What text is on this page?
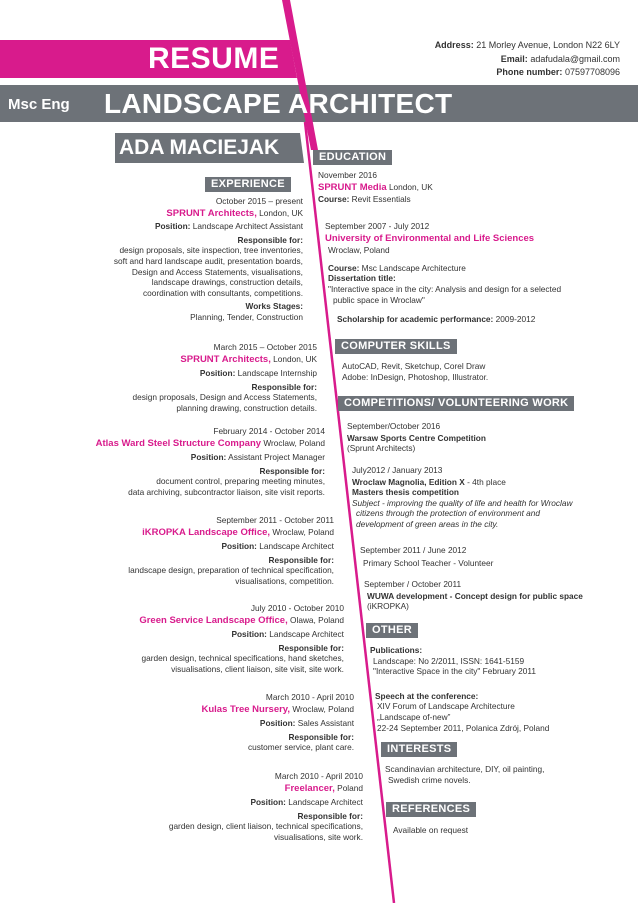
RESUME
Msc Eng LANDSCAPE ARCHITECT
ADA MACIEJAK
Address: 21 Morley Avenue, London N22 6LY
Email: adafudala@gmail.com
Phone number: 07597708096
EXPERIENCE
EDUCATION
COMPUTER SKILLS
COMPETITIONS/ VOLUNTEERING WORK
OTHER
INTERESTS
REFERENCES
October 2015 – present
SPRUNT Architects, London, UK
Position: Landscape Architect Assistant
Responsible for:
design proposals, site inspection, tree inventories,
soft and hard landscape audit, presentation boards,
Design and Access Statements, visualisations,
landscape drawings, construction details,
coordination with consultants, competitions.
Works Stages:
Planning, Tender, Construction
March 2015 – October 2015
SPRUNT Architects, London, UK
Position: Landscape Internship
Responsible for:
design proposals, Design and Access Statements,
planning drawing, construction details.
February 2014 - October 2014
Atlas Ward Steel Structure Company Wroclaw, Poland
Position: Assistant Project Manager
Responsible for:
document control, preparing meeting minutes,
data archiving, subcontractor liaison, site visit reports.
September 2011 - October 2011
iKROPKA Landscape Office, Wroclaw, Poland
Position: Landscape Architect
Responsible for:
landscape design, preparation of technical specification,
visualisations, competition.
July 2010 - October 2010
Green Service Landscape Office, Olawa, Poland
Position: Landscape Architect
Responsible for:
garden design, technical specifications, hand sketches,
visualisations, client liaison, site visit, site work.
March 2010 - April 2010
Kulas Tree Nursery, Wroclaw, Poland
Position: Sales Assistant
Responsible for:
customer service, plant care.
March 2010 - April 2010
Freelancer, Poland
Position: Landscape Architect
Responsible for:
garden design, client liaison, technical specifications,
visualisations, site work.
November 2016
SPRUNT Media London, UK
Course: Revit Essentials
September 2007 - July 2012
University of Environmental and Life Sciences
Wroclaw, Poland
Course: Msc Landscape Architecture
Dissertation title:
"Interactive space in the city: Analysis and design for a selected
public space in Wroclaw"
Scholarship for academic performance: 2009-2012
AutoCAD, Revit, Sketchup, Corel Draw
Adobe: InDesign, Photoshop, Illustrator.
September/October 2016
Warsaw Sports Centre Competition
(Sprunt Architects)
July2012 / January 2013
Wroclaw Magnolia, Edition X - 4th place
Masters thesis competition
Subject - improving the quality of life and health for Wroclaw
citizens through the protection of environment and
development of green areas in the city.
September 2011 / June 2012
Primary School Teacher - Volunteer
September / October 2011
WUWA development - Concept design for public space
(iKROPKA)
Publications:
Landscape: No 2/2011, ISSN: 1641-5159
"Interactive Space in the city" February 2011
Speech at the conference:
XIV Forum of Landscape Architecture
„Landscape of-new”
22-24 September 2011, Polanica Zdrój, Poland
Scandinavian architecture, DIY, oil painting,
Swedish crime novels.
Available on request
